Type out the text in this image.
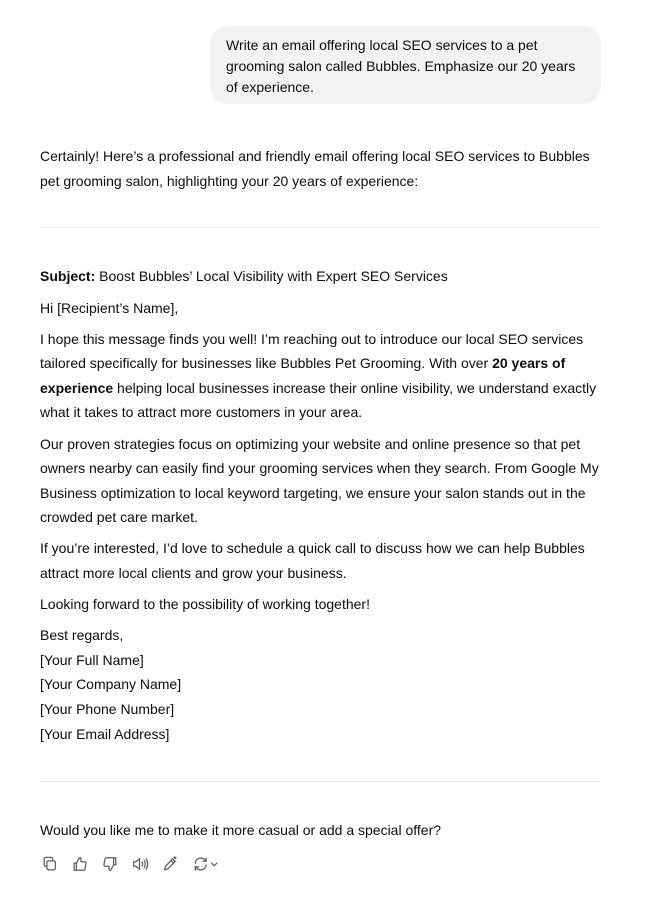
Write an email offering local SEO services to a pet
grooming salon called Bubbles. Emphasize our 20 years
of experience.
Certainly! Here’s a professional and friendly email offering local SEO services to Bubbles pet grooming salon, highlighting your 20 years of experience:

Subject: Boost Bubbles’ Local Visibility with Expert SEO Services

Hi [Recipient’s Name],

I hope this message finds you well! I’m reaching out to introduce our local SEO services tailored specifically for businesses like Bubbles Pet Grooming. With over 20 years of experience helping local businesses increase their online visibility, we understand exactly what it takes to attract more customers in your area.

Our proven strategies focus on optimizing your website and online presence so that pet owners nearby can easily find your grooming services when they search. From Google My Business optimization to local keyword targeting, we ensure your salon stands out in the crowded pet care market.

If you’re interested, I’d love to schedule a quick call to discuss how we can help Bubbles attract more local clients and grow your business.

Looking forward to the possibility of working together!

Best regards,
[Your Full Name]
[Your Company Name]
[Your Phone Number]
[Your Email Address]

Would you like me to make it more casual or add a special offer?
